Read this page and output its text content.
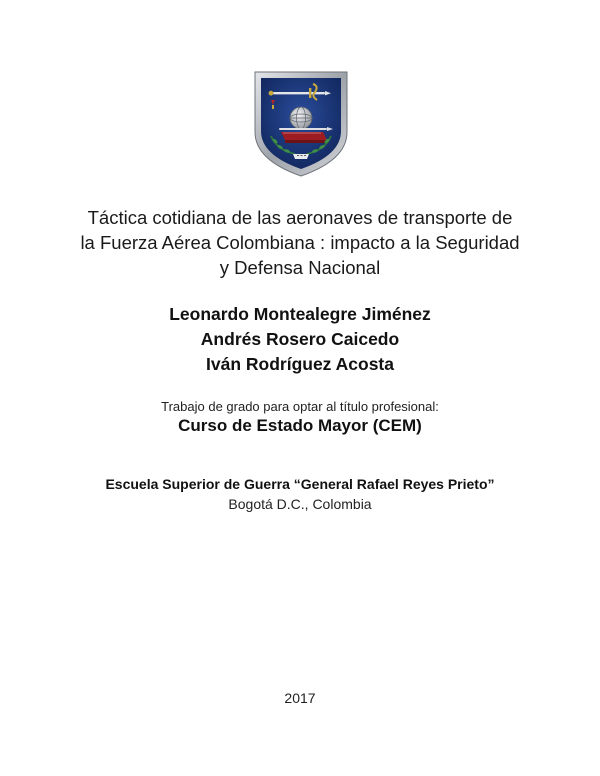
Táctica cotidiana de las aeronaves de transporte de
la Fuerza Aérea Colombiana : impacto a la Seguridad
y Defensa Nacional
Leonardo Montealegre Jiménez
Andrés Rosero Caicedo
Iván Rodríguez Acosta
Trabajo de grado para optar al título profesional:
Curso de Estado Mayor (CEM)
Escuela Superior de Guerra “General Rafael Reyes Prieto”
Bogotá D.C., Colombia
2017
